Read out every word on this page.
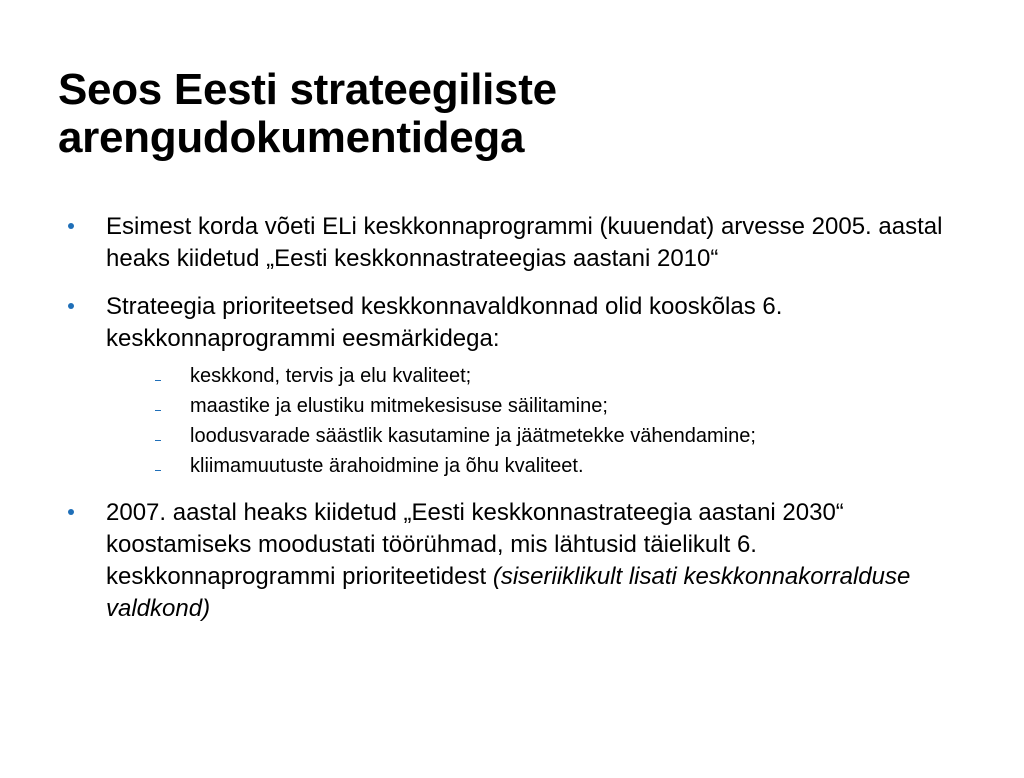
Seos Eesti strateegiliste
arengudokumentidega
Esimest korda võeti ELi keskkonnaprogrammi (kuuendat) arvesse 2005. aastal heaks kiidetud „Eesti keskkonnastrateegias aastani 2010“
Strateegia prioriteetsed keskkonnavaldkonnad olid kooskõlas 6. keskkonnaprogrammi eesmärkidega:
keskkond, tervis ja elu kvaliteet;
maastike ja elustiku mitmekesisuse säilitamine;
loodusvarade säästlik kasutamine ja jäätmetekke vähendamine;
kliimamuutuste ärahoidmine ja õhu kvaliteet.
2007. aastal heaks kiidetud „Eesti keskkonnastrateegia aastani 2030“ koostamiseks moodustati töörühmad, mis lähtusid täielikult 6. keskkonnaprogrammi prioriteetidest (siseriiklikult lisati keskkonnakorralduse valdkond)
